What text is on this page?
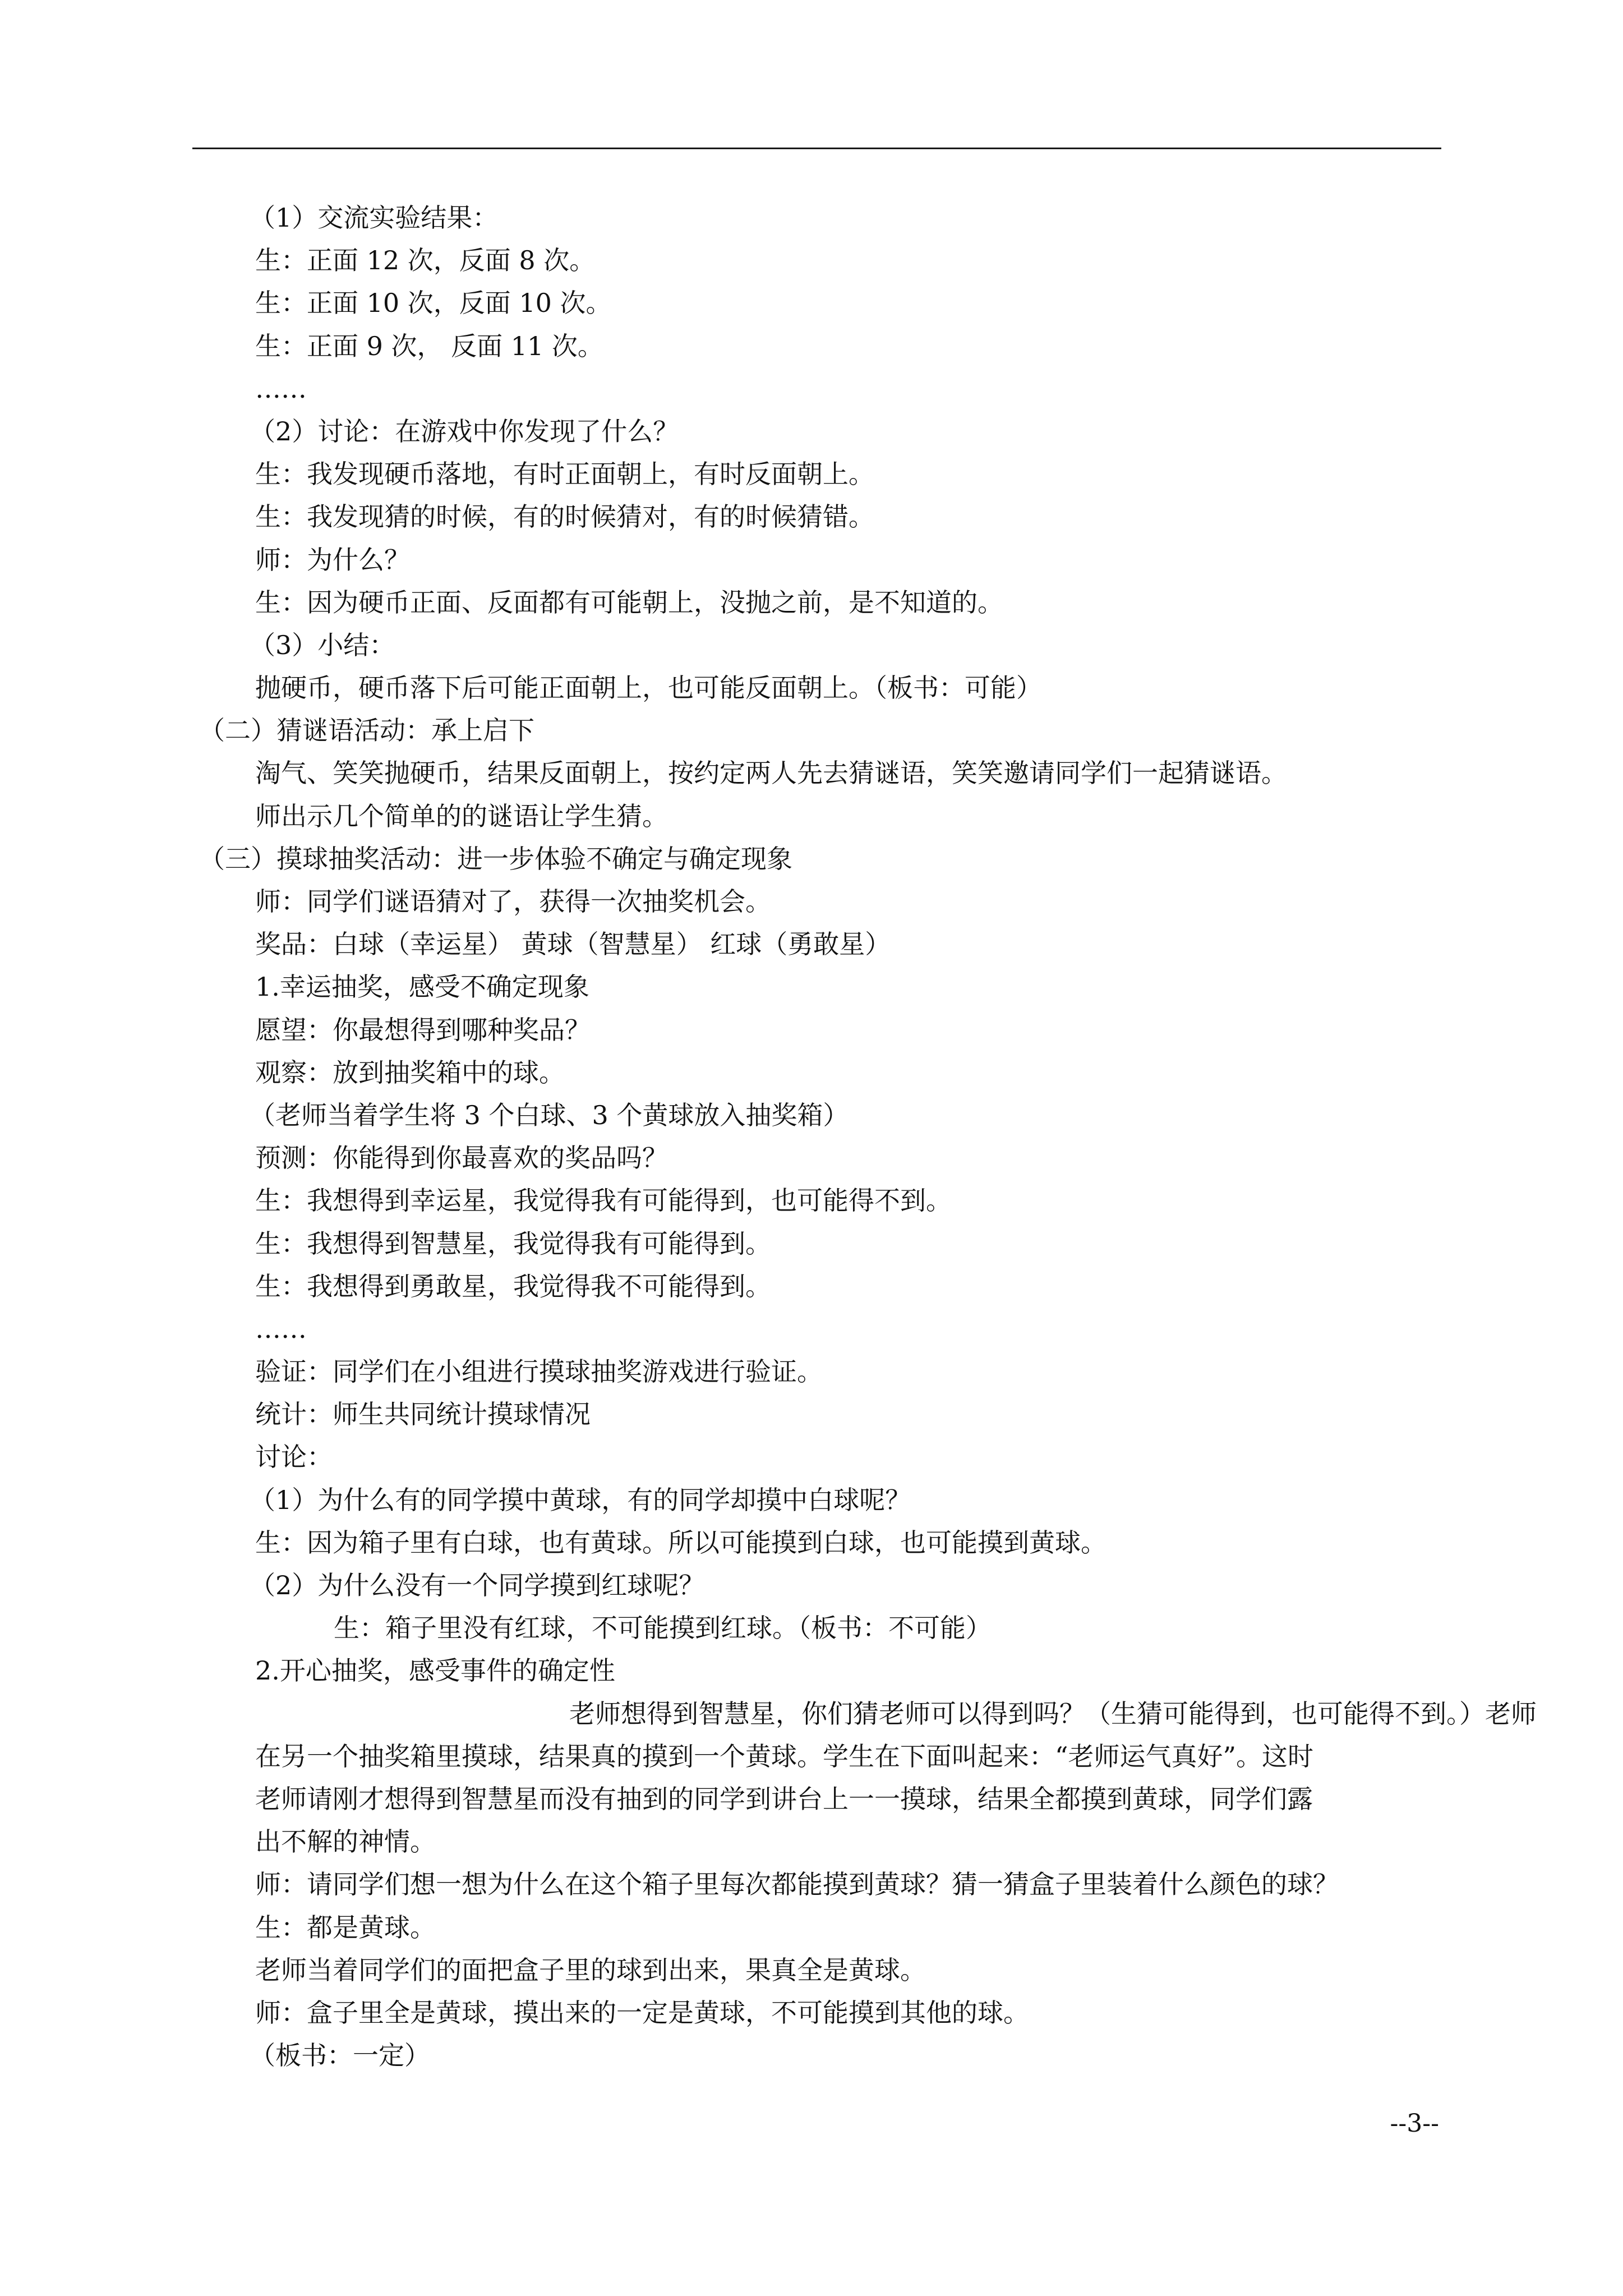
（1）交流实验结果：
生：正面 12 次，反面 8 次。
生：正面 10 次，反面 10 次。
生：正面 9 次， 反面 11 次。
……
（2）讨论：在游戏中你发现了什么？
生：我发现硬币落地，有时正面朝上，有时反面朝上。
生：我发现猜的时候，有的时候猜对，有的时候猜错。
师：为什么？
生：因为硬币正面、反面都有可能朝上，没抛之前，是不知道的。
（3）小结：
抛硬币，硬币落下后可能正面朝上，也可能反面朝上。（板书：可能）
（二）猜谜语活动：承上启下
淘气、笑笑抛硬币，结果反面朝上，按约定两人先去猜谜语，笑笑邀请同学们一起猜谜语。
师出示几个简单的的谜语让学生猜。
（三）摸球抽奖活动：进一步体验不确定与确定现象
师：同学们谜语猜对了，获得一次抽奖机会。
奖品：白球（幸运星） 黄球（智慧星） 红球（勇敢星）
1.幸运抽奖，感受不确定现象
愿望：你最想得到哪种奖品？
观察：放到抽奖箱中的球。
（老师当着学生将 3 个白球、3 个黄球放入抽奖箱）
预测：你能得到你最喜欢的奖品吗？
生：我想得到幸运星，我觉得我有可能得到，也可能得不到。
生：我想得到智慧星，我觉得我有可能得到。
生：我想得到勇敢星，我觉得我不可能得到。
……
验证：同学们在小组进行摸球抽奖游戏进行验证。
统计：师生共同统计摸球情况
讨论：
（1）为什么有的同学摸中黄球，有的同学却摸中白球呢？
生：因为箱子里有白球，也有黄球。所以可能摸到白球，也可能摸到黄球。
（2）为什么没有一个同学摸到红球呢？
生：箱子里没有红球，不可能摸到红球。（板书：不可能）
2.开心抽奖，感受事件的确定性
老师想得到智慧星，你们猜老师可以得到吗？（生猜可能得到，也可能得不到。）老师
在另一个抽奖箱里摸球，结果真的摸到一个黄球。学生在下面叫起来：“老师运气真好”。这时
老师请刚才想得到智慧星而没有抽到的同学到讲台上一一摸球，结果全都摸到黄球，同学们露
出不解的神情。
师：请同学们想一想为什么在这个箱子里每次都能摸到黄球？猜一猜盒子里装着什么颜色的球？
生：都是黄球。
老师当着同学们的面把盒子里的球到出来，果真全是黄球。
师：盒子里全是黄球，摸出来的一定是黄球，不可能摸到其他的球。
（板书：一定）
--3--
